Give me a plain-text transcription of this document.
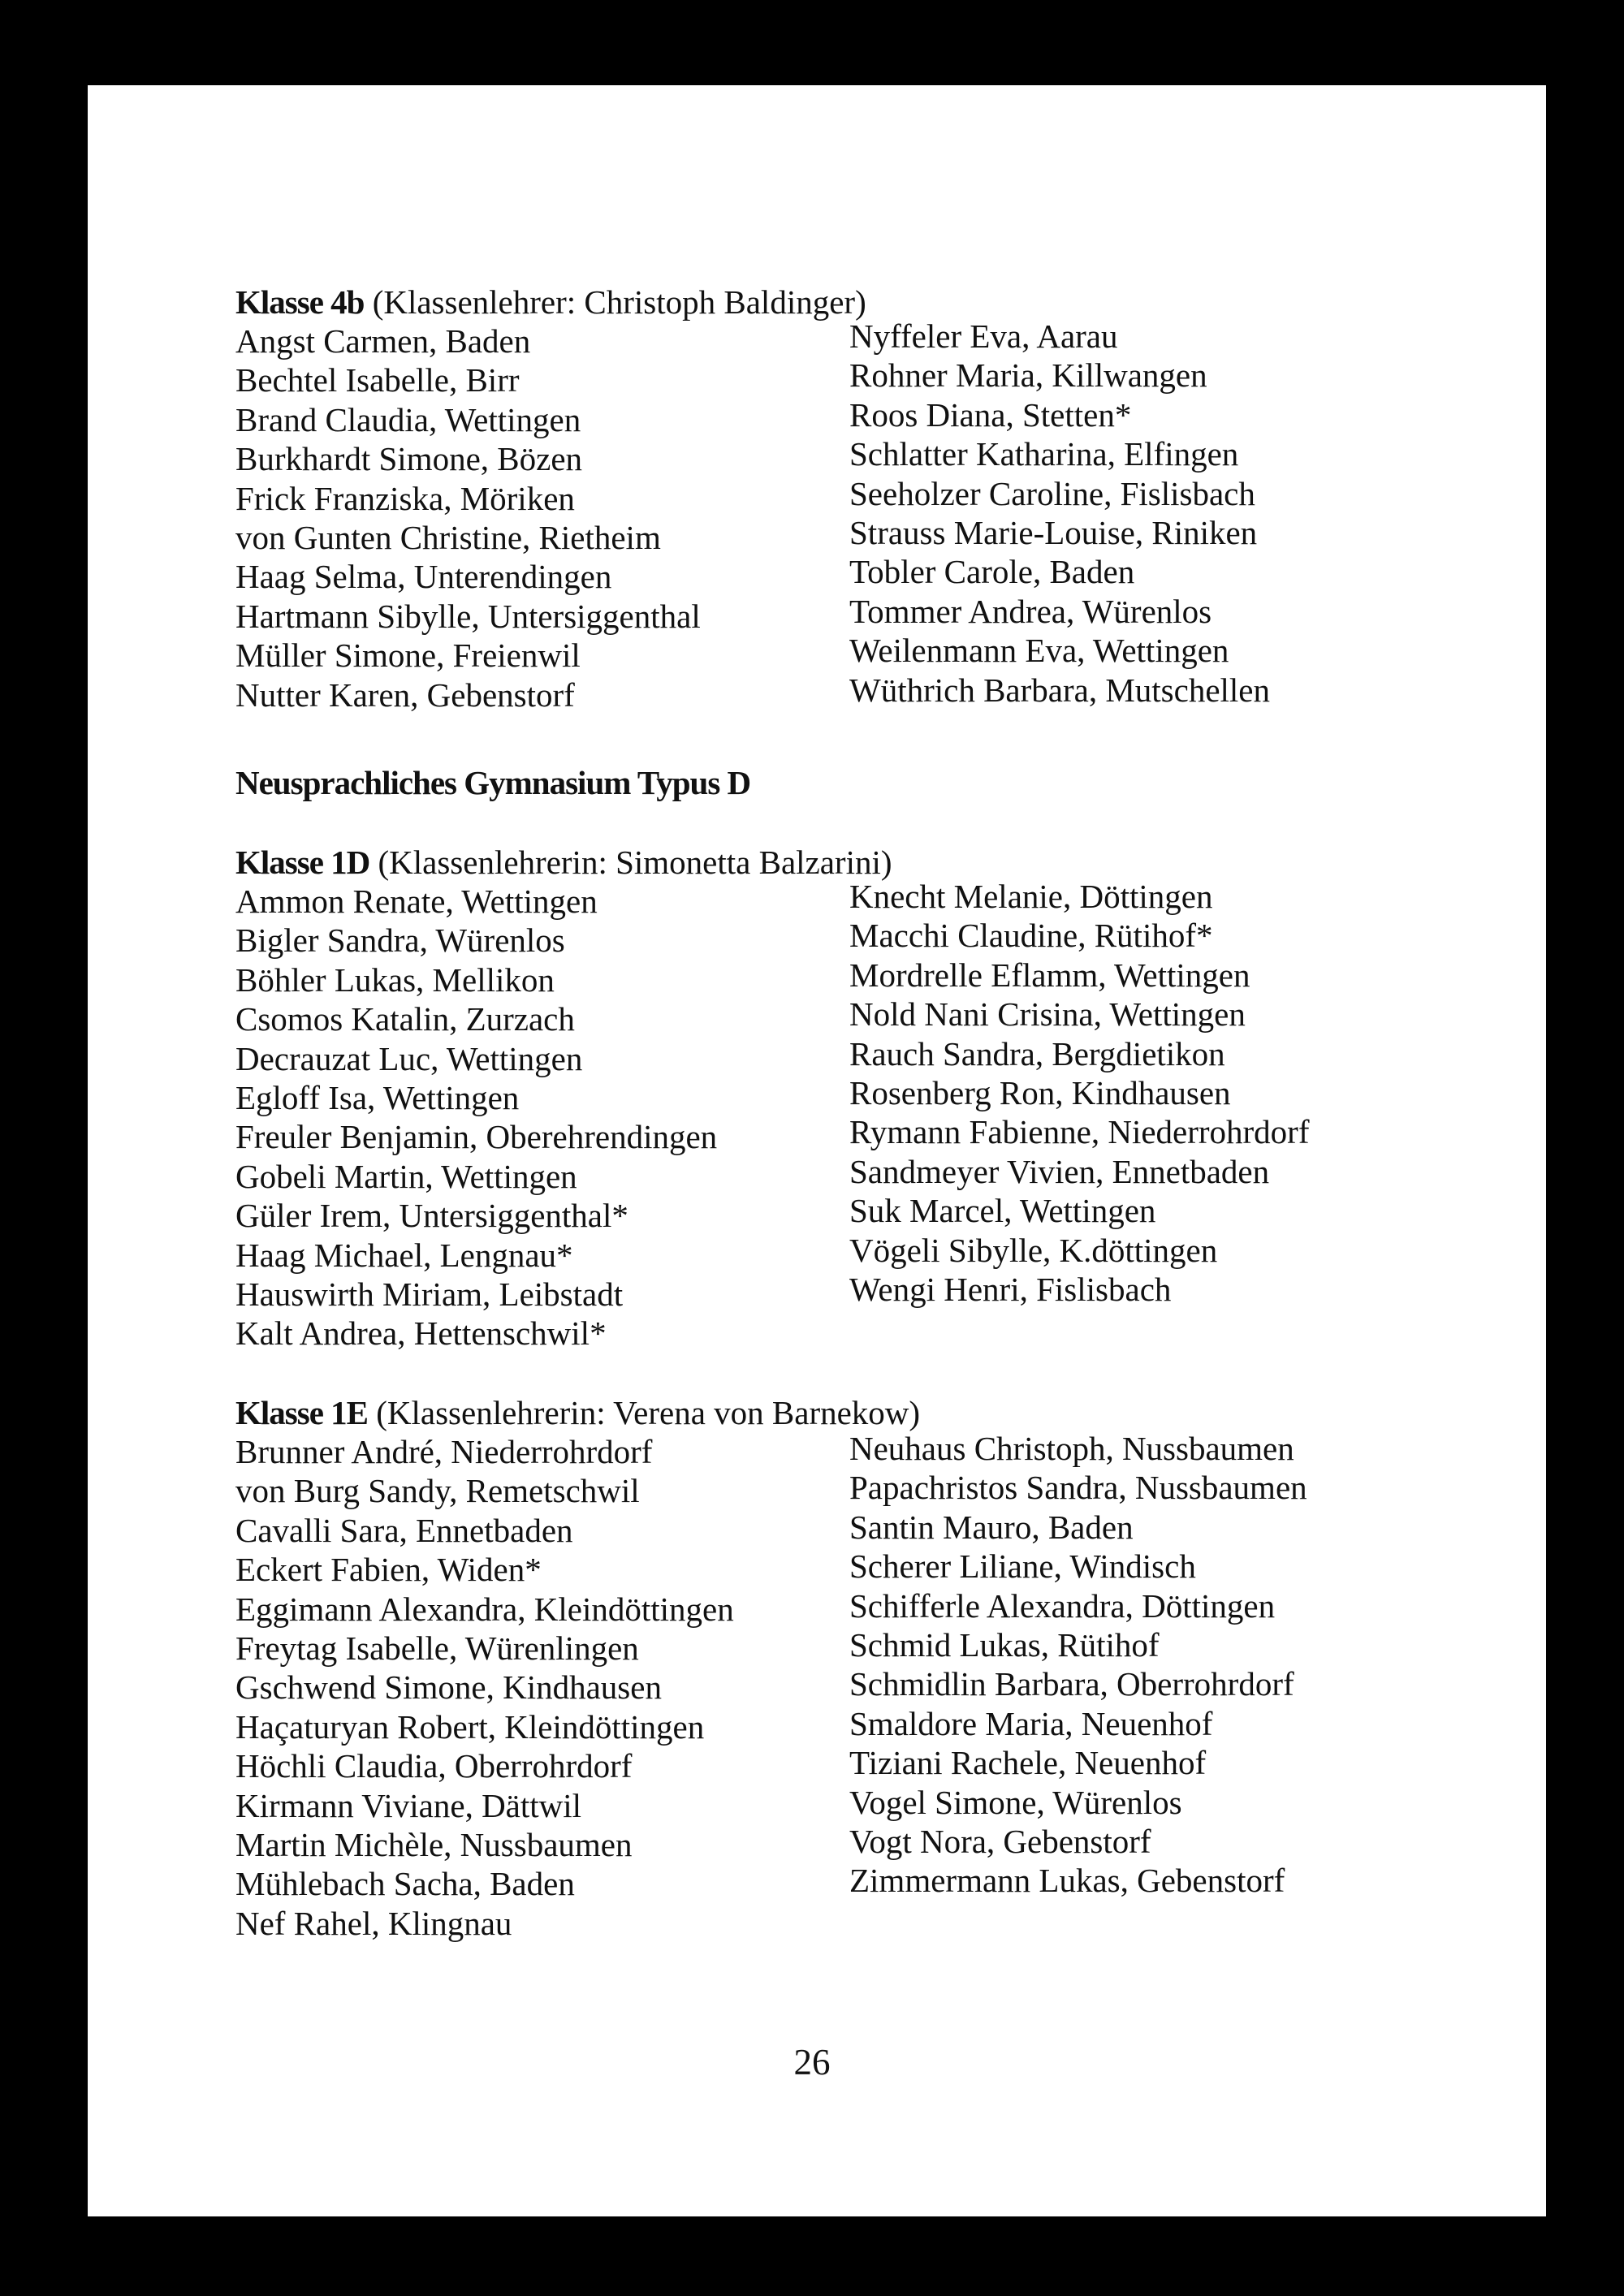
Klasse 4b (Klassenlehrer: Christoph Baldinger)
Angst Carmen, Baden
Bechtel Isabelle, Birr
Brand Claudia, Wettingen
Burkhardt Simone, Bözen
Frick Franziska, Möriken
von Gunten Christine, Rietheim
Haag Selma, Unterendingen
Hartmann Sibylle, Untersiggenthal
Müller Simone, Freienwil
Nutter Karen, Gebenstorf
Nyffeler Eva, Aarau
Rohner Maria, Killwangen
Roos Diana, Stetten*
Schlatter Katharina, Elfingen
Seeholzer Caroline, Fislisbach
Strauss Marie-Louise, Riniken
Tobler Carole, Baden
Tommer Andrea, Würenlos
Weilenmann Eva, Wettingen
Wüthrich Barbara, Mutschellen
Neusprachliches Gymnasium Typus D
Klasse 1D (Klassenlehrerin: Simonetta Balzarini)
Ammon Renate, Wettingen
Bigler Sandra, Würenlos
Böhler Lukas, Mellikon
Csomos Katalin, Zurzach
Decrauzat Luc, Wettingen
Egloff Isa, Wettingen
Freuler Benjamin, Oberehrendingen
Gobeli Martin, Wettingen
Güler Irem, Untersiggenthal*
Haag Michael, Lengnau*
Hauswirth Miriam, Leibstadt
Kalt Andrea, Hettenschwil*
Knecht Melanie, Döttingen
Macchi Claudine, Rütihof*
Mordrelle Eflamm, Wettingen
Nold Nani Crisina, Wettingen
Rauch Sandra, Bergdietikon
Rosenberg Ron, Kindhausen
Rymann Fabienne, Niederrohrdorf
Sandmeyer Vivien, Ennetbaden
Suk Marcel, Wettingen
Vögeli Sibylle, K.döttingen
Wengi Henri, Fislisbach
Klasse 1E (Klassenlehrerin: Verena von Barnekow)
Brunner André, Niederrohrdorf
von Burg Sandy, Remetschwil
Cavalli Sara, Ennetbaden
Eckert Fabien, Widen*
Eggimann Alexandra, Kleindöttingen
Freytag Isabelle, Würenlingen
Gschwend Simone, Kindhausen
Haçaturyan Robert, Kleindöttingen
Höchli Claudia, Oberrohrdorf
Kirmann Viviane, Dättwil
Martin Michèle, Nussbaumen
Mühlebach Sacha, Baden
Nef Rahel, Klingnau
Neuhaus Christoph, Nussbaumen
Papachristos Sandra, Nussbaumen
Santin Mauro, Baden
Scherer Liliane, Windisch
Schifferle Alexandra, Döttingen
Schmid Lukas, Rütihof
Schmidlin Barbara, Oberrohrdorf
Smaldore Maria, Neuenhof
Tiziani Rachele, Neuenhof
Vogel Simone, Würenlos
Vogt Nora, Gebenstorf
Zimmermann Lukas, Gebenstorf
26
